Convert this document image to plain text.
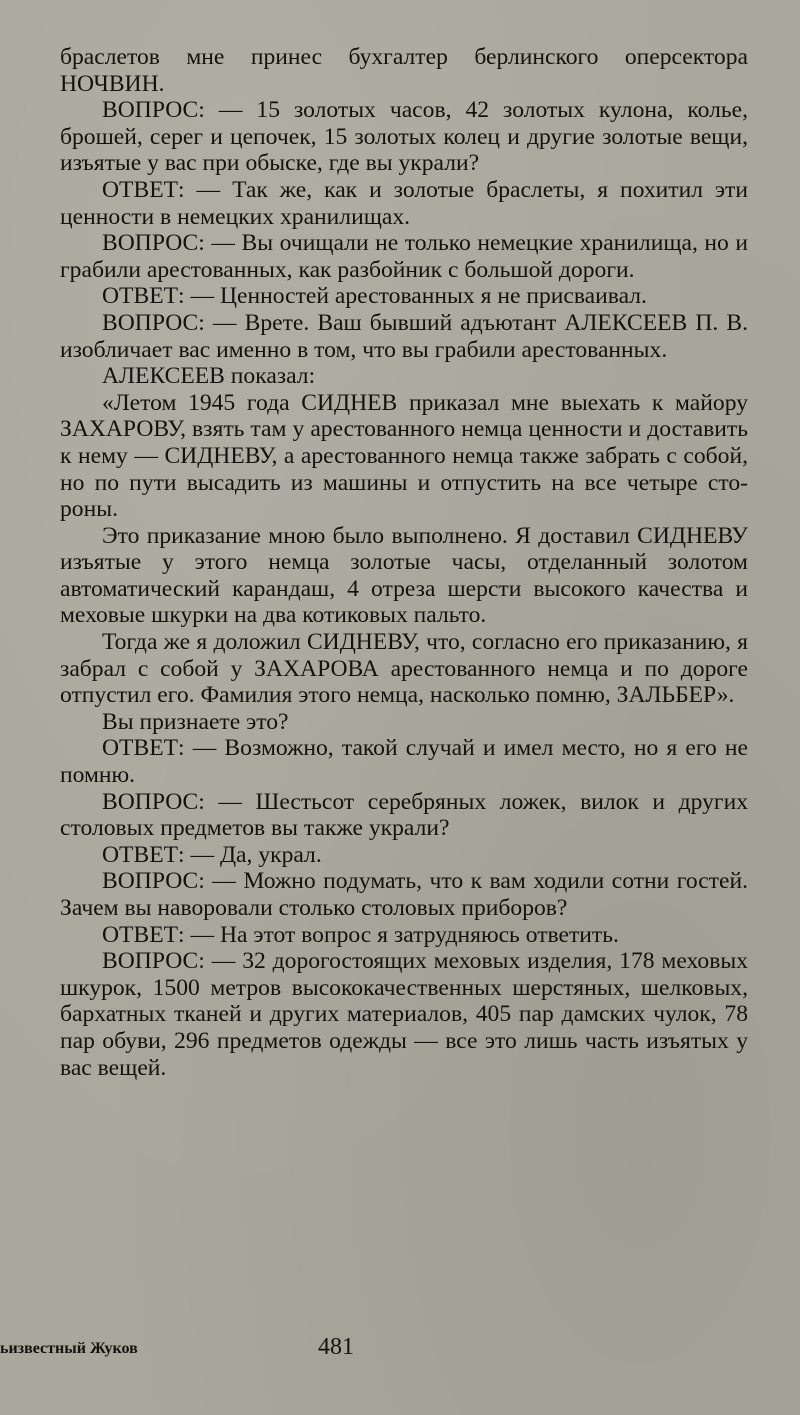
браслетов мне принес бухгалтер берлинского оперсектора НОЧВИН.

ВОПРОС: — 15 золотых часов, 42 золотых кулона, колье, брошей, серег и цепочек, 15 золотых колец и другие золотые вещи, изъятые у вас при обыске, где вы украли?

ОТВЕТ: — Так же, как и золотые браслеты, я похитил эти ценности в немецких хранилищах.

ВОПРОС: — Вы очищали не только немецкие хранилища, но и грабили арестованных, как разбойник с большой дороги.

ОТВЕТ: — Ценностей арестованных я не присваивал.

ВОПРОС: — Врете. Ваш бывший адъютант АЛЕКСЕЕВ П. В. изобличает вас именно в том, что вы грабили арестованных.

АЛЕКСЕЕВ показал:

«Летом 1945 года СИДНЕВ приказал мне выехать к майору ЗАХАРОВУ, взять там у арестованного немца ценности и доставить к нему — СИДНЕВУ, а арестованного немца также забрать с собой, но по пути высадить из машины и отпустить на все четыре стороны.

Это приказание мною было выполнено. Я доставил СИДНЕВУ изъятые у этого немца золотые часы, отделанный золотом автоматический карандаш, 4 отреза шерсти высокого качества и меховые шкурки на два котиковых пальто.

Тогда же я доложил СИДНЕВУ, что, согласно его приказанию, я забрал с собой у ЗАХАРОВА арестованного немца и по дороге отпустил его. Фамилия этого немца, насколько помню, ЗАЛЬБЕР».

Вы признаете это?

ОТВЕТ: — Возможно, такой случай и имел место, но я его не помню.

ВОПРОС: — Шестьсот серебряных ложек, вилок и других столовых предметов вы также украли?

ОТВЕТ: — Да, украл.

ВОПРОС: — Можно подумать, что к вам ходили сотни гостей. Зачем вы наворовали столько столовых приборов?

ОТВЕТ: — На этот вопрос я затрудняюсь ответить.

ВОПРОС: — 32 дорогостоящих меховых изделия, 178 меховых шкурок, 1500 метров высококачественных шерстяных, шелковых, бархатных тканей и других материалов, 405 пар дамских чулок, 78 пар обуви, 296 предметов одежды — все это лишь часть изъятых у вас вещей.

ьизвестный Жуков	481
